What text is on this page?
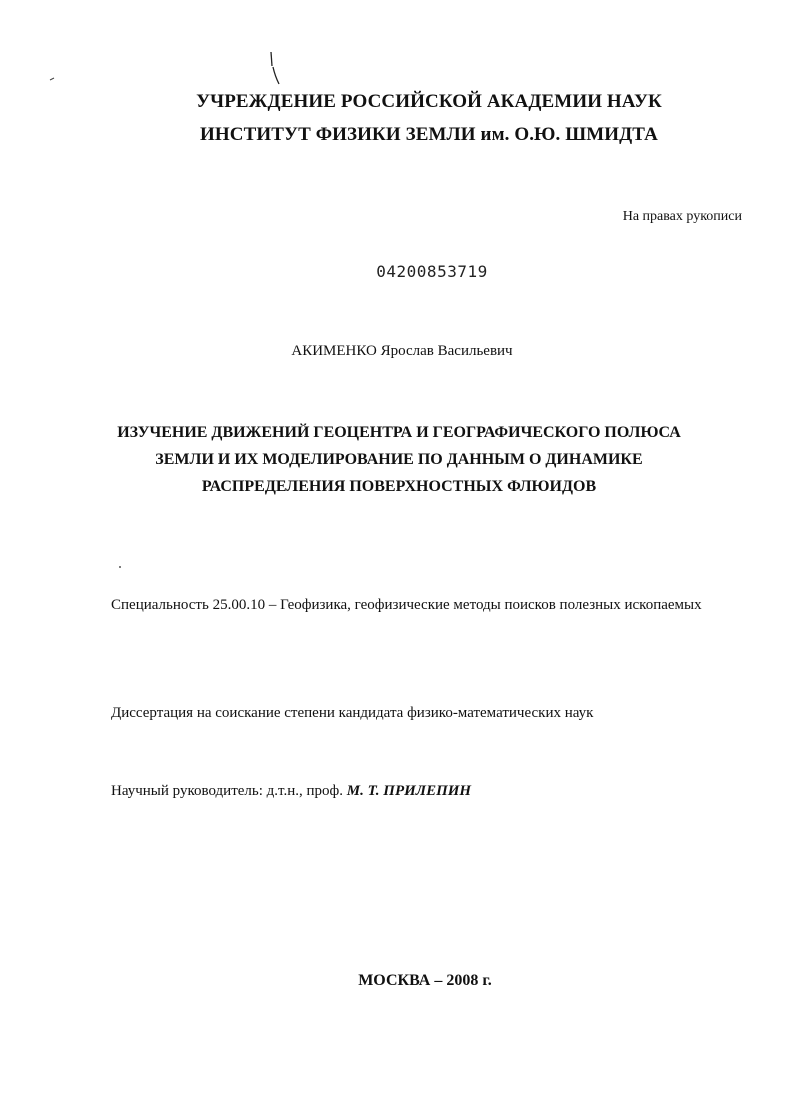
УЧРЕЖДЕНИЕ РОССИЙСКОЙ АКАДЕМИИ НАУК
ИНСТИТУТ ФИЗИКИ ЗЕМЛИ им. О.Ю. ШМИДТА
На правах рукописи
04200853719
АКИМЕНКО Ярослав Васильевич
ИЗУЧЕНИЕ ДВИЖЕНИЙ ГЕОЦЕНТРА И ГЕОГРАФИЧЕСКОГО ПОЛЮСА
ЗЕМЛИ И ИХ МОДЕЛИРОВАНИЕ ПО ДАННЫМ О ДИНАМИКЕ
РАСПРЕДЕЛЕНИЯ ПОВЕРХНОСТНЫХ ФЛЮИДОВ
Специальность 25.00.10 – Геофизика, геофизические методы поисков полезных ископаемых
Диссертация на соискание степени кандидата физико-математических наук
Научный руководитель: д.т.н., проф. М. Т. ПРИЛЕПИН
МОСКВА – 2008 г.
